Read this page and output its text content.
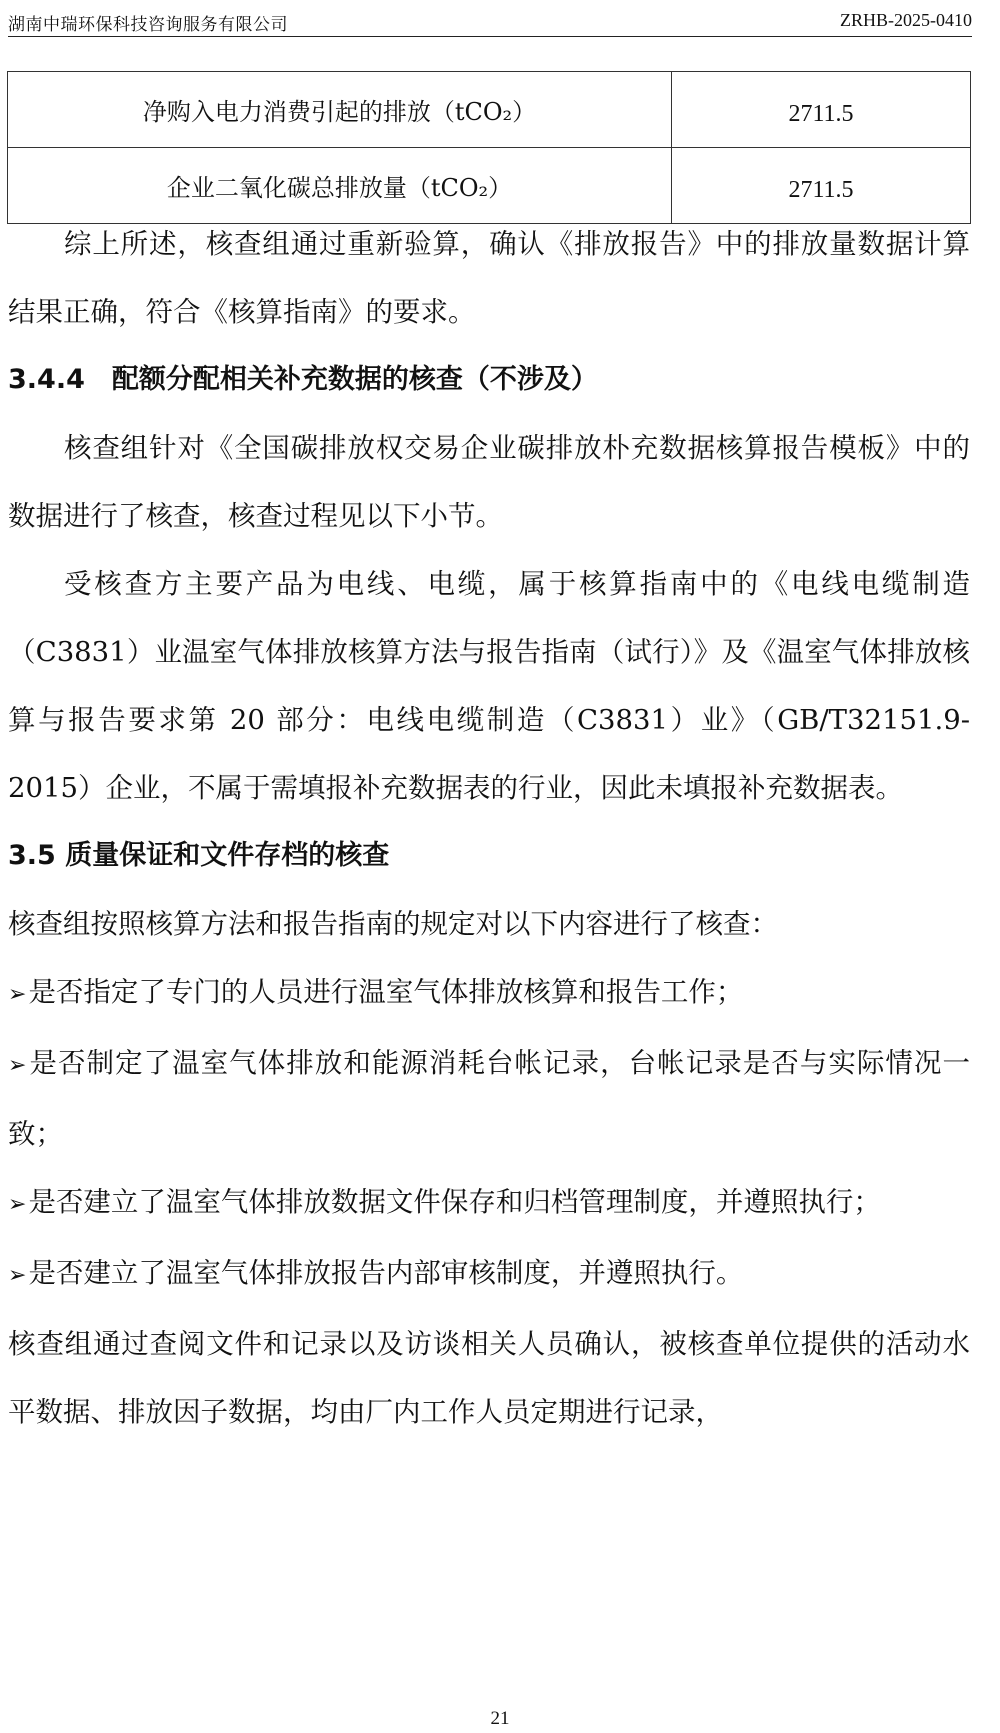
湖南中瑞环保科技咨询服务有限公司	ZRHB-2025-0410
净购入电力消费引起的排放（tCO₂）	2711.5
企业二氧化碳总排放量（tCO₂）	2711.5

综上所述，核查组通过重新验算，确认《排放报告》中的排放量数据计算结果正确，符合《核算指南》的要求。

3.4.4　配额分配相关补充数据的核查（不涉及）

核查组针对《全国碳排放权交易企业碳排放朴充数据核算报告模板》中的数据进行了核查，核查过程见以下小节。

受核查方主要产品为电线、电缆，属于核算指南中的《电线电缆制造（C3831）业温室气体排放核算方法与报告指南（试行）》及《温室气体排放核算与报告要求第 20 部分：电线电缆制造（C3831）业》（GB/T32151.9-2015）企业，不属于需填报补充数据表的行业，因此未填报补充数据表。

3.5 质量保证和文件存档的核查

核查组按照核算方法和报告指南的规定对以下内容进行了核查：

➢是否指定了专门的人员进行温室气体排放核算和报告工作；

➢是否制定了温室气体排放和能源消耗台帐记录，台帐记录是否与实际情况一致；

➢是否建立了温室气体排放数据文件保存和归档管理制度，并遵照执行；

➢是否建立了温室气体排放报告内部审核制度，并遵照执行。

核查组通过查阅文件和记录以及访谈相关人员确认，被核查单位提供的活动水平数据、排放因子数据，均由厂内工作人员定期进行记录，

21
